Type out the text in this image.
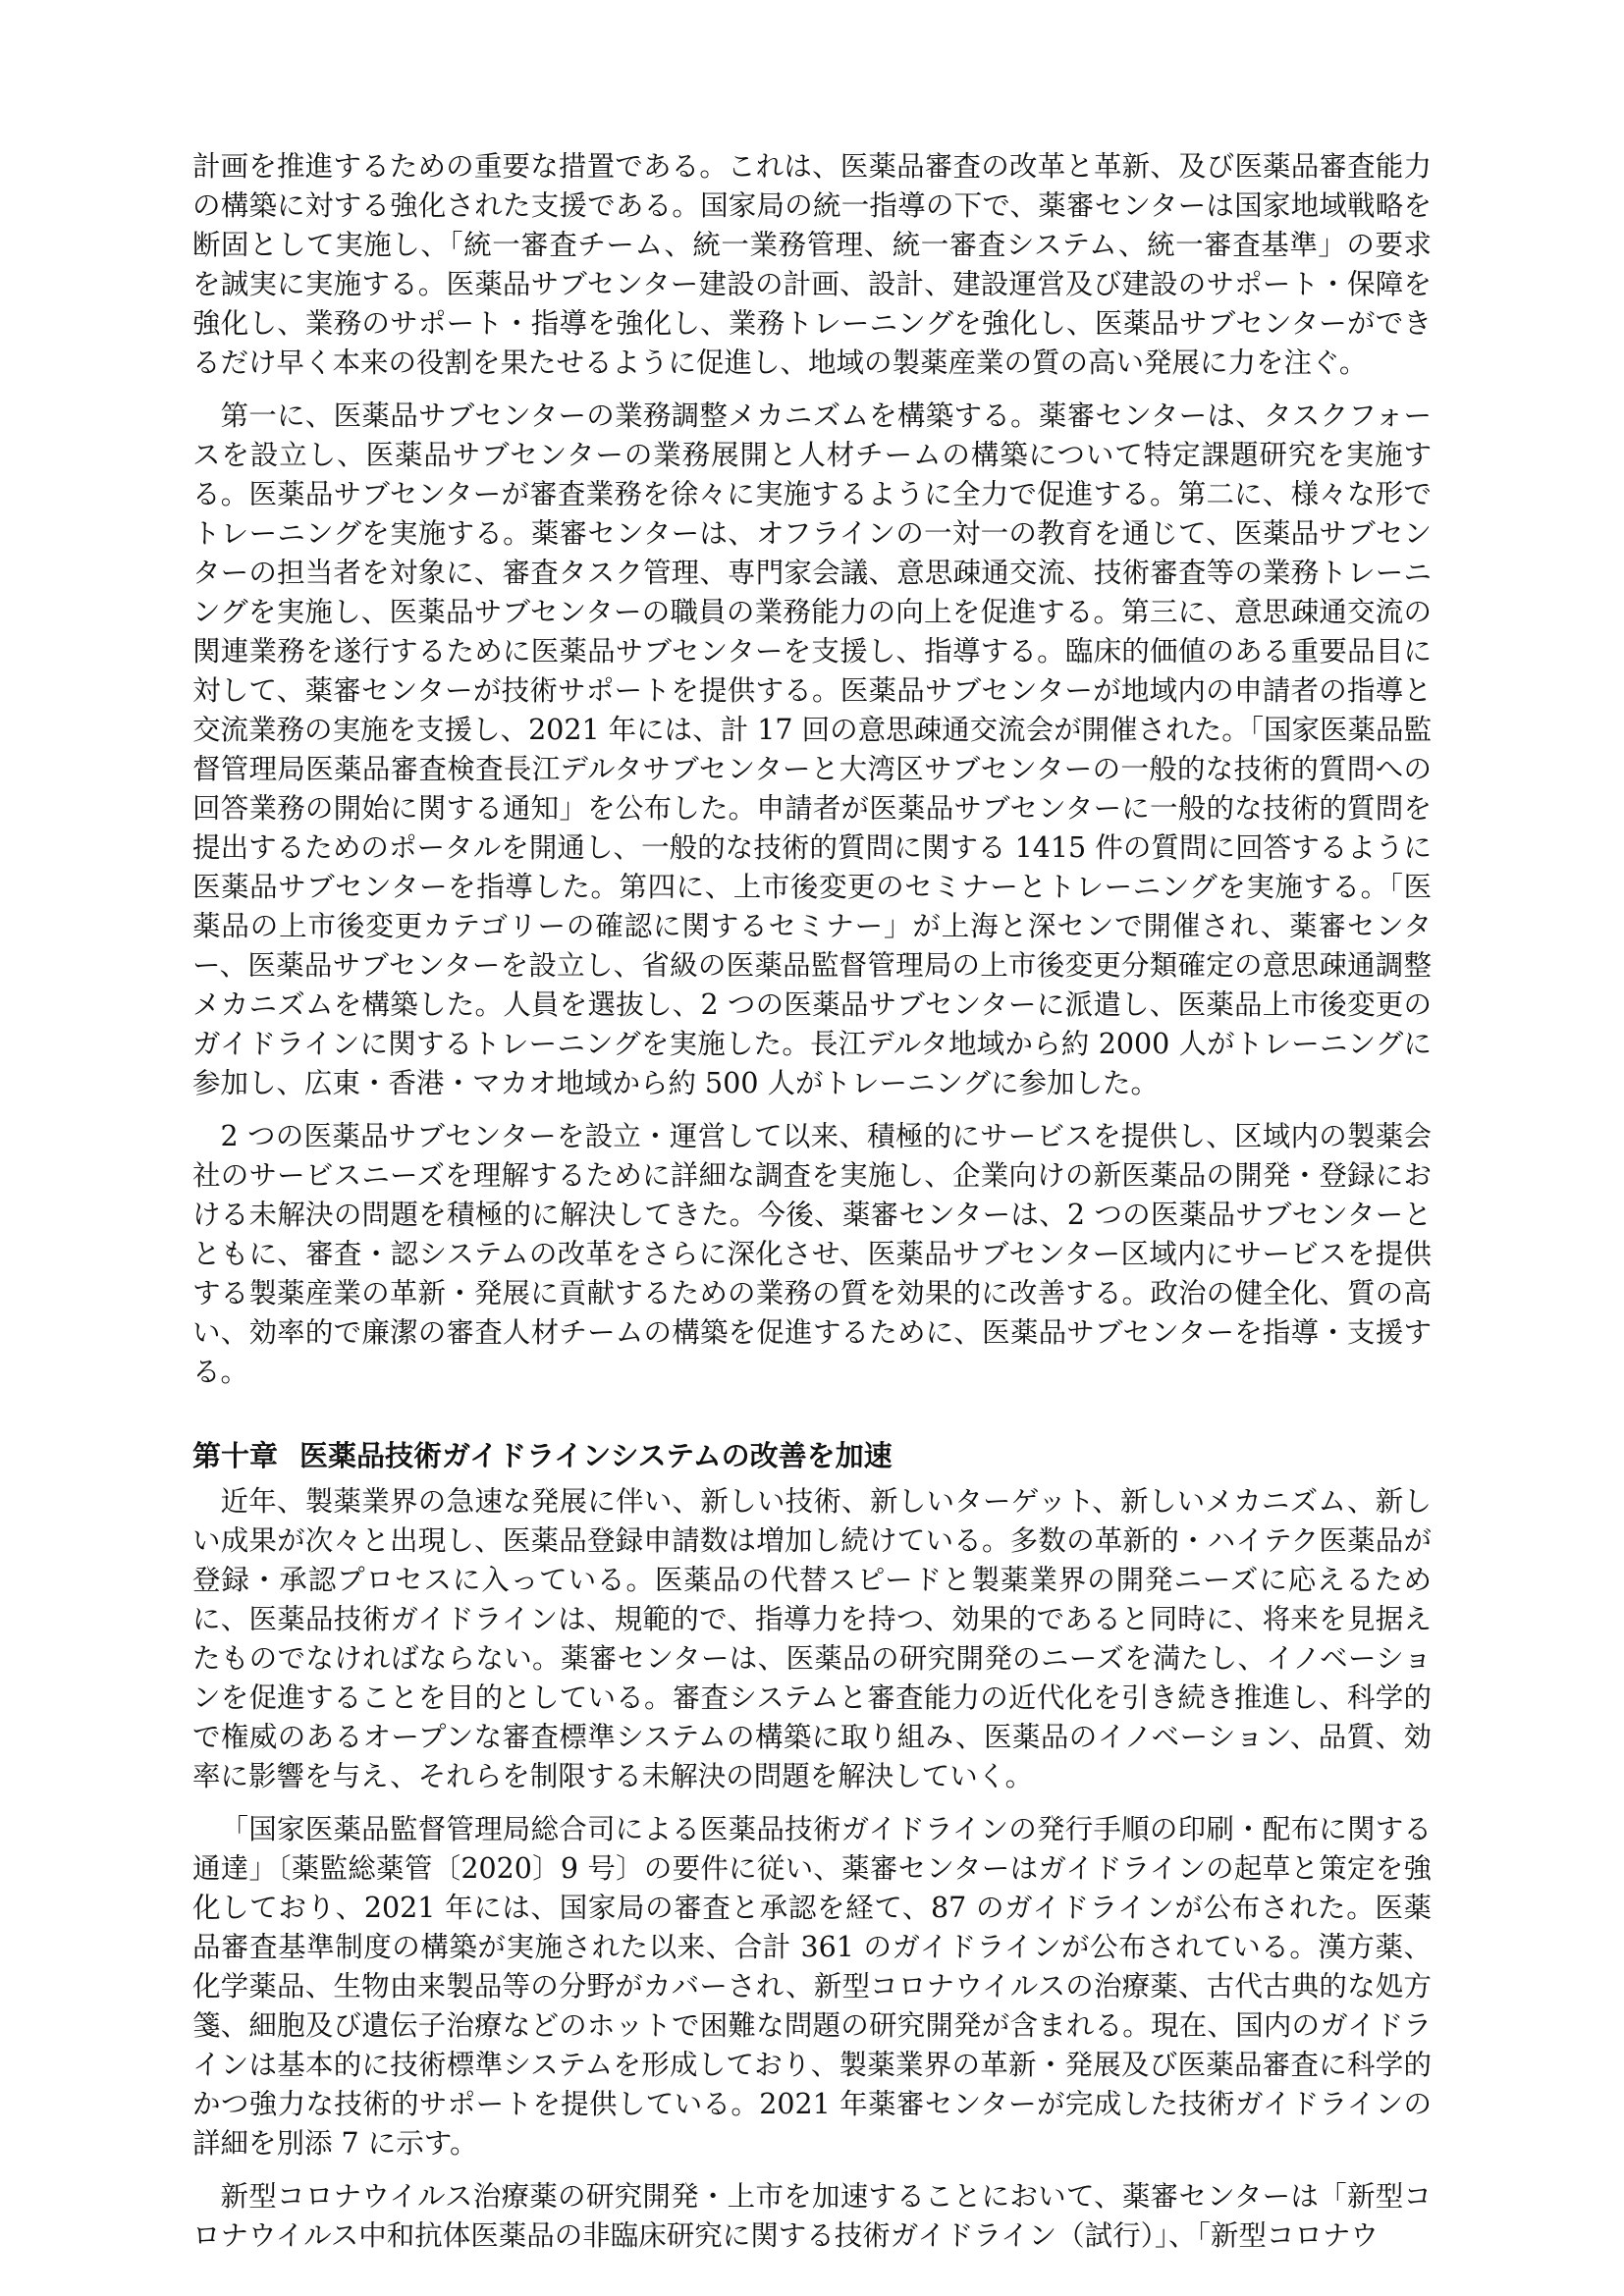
計画を推進するための重要な措置である。これは、医薬品審査の改革と革新、及び医薬品審査能力の構築に対する強化された支援である。国家局の統一指導の下で、薬審センターは国家地域戦略を断固として実施し、「統一審査チーム、統一業務管理、統一審査システム、統一審査基準」の要求を誠実に実施する。医薬品サブセンター建設の計画、設計、建設運営及び建設のサポート・保障を強化し、業務のサポート・指導を強化し、業務トレーニングを強化し、医薬品サブセンターができるだけ早く本来の役割を果たせるように促進し、地域の製薬産業の質の高い発展に力を注ぐ。

第一に、医薬品サブセンターの業務調整メカニズムを構築する。薬審センターは、タスクフォースを設立し、医薬品サブセンターの業務展開と人材チームの構築について特定課題研究を実施する。医薬品サブセンターが審査業務を徐々に実施するように全力で促進する。第二に、様々な形でトレーニングを実施する。薬審センターは、オフラインの一対一の教育を通じて、医薬品サブセンターの担当者を対象に、審査タスク管理、専門家会議、意思疎通交流、技術審査等の業務トレーニングを実施し、医薬品サブセンターの職員の業務能力の向上を促進する。第三に、意思疎通交流の関連業務を遂行するために医薬品サブセンターを支援し、指導する。臨床的価値のある重要品目に対して、薬審センターが技術サポートを提供する。医薬品サブセンターが地域内の申請者の指導と交流業務の実施を支援し、2021 年には、計 17 回の意思疎通交流会が開催された。「国家医薬品監督管理局医薬品審査検査長江デルタサブセンターと大湾区サブセンターの一般的な技術的質問への回答業務の開始に関する通知」を公布した。申請者が医薬品サブセンターに一般的な技術的質問を提出するためのポータルを開通し、一般的な技術的質問に関する 1415 件の質問に回答するように医薬品サブセンターを指導した。第四に、上市後変更のセミナーとトレーニングを実施する。「医薬品の上市後変更カテゴリーの確認に関するセミナー」が上海と深センで開催され、薬審センター、医薬品サブセンターを設立し、省級の医薬品監督管理局の上市後変更分類確定の意思疎通調整メカニズムを構築した。人員を選抜し、2 つの医薬品サブセンターに派遣し、医薬品上市後変更のガイドラインに関するトレーニングを実施した。長江デルタ地域から約 2000 人がトレーニングに参加し、広東・香港・マカオ地域から約 500 人がトレーニングに参加した。

2 つの医薬品サブセンターを設立・運営して以来、積極的にサービスを提供し、区域内の製薬会社のサービスニーズを理解するために詳細な調査を実施し、企業向けの新医薬品の開発・登録における未解決の問題を積極的に解決してきた。今後、薬審センターは、2 つの医薬品サブセンターとともに、審査・認システムの改革をさらに深化させ、医薬品サブセンター区域内にサービスを提供する製薬産業の革新・発展に貢献するための業務の質を効果的に改善する。政治の健全化、質の高い、効率的で廉潔の審査人材チームの構築を促進するために、医薬品サブセンターを指導・支援する。

第十章 医薬品技術ガイドラインシステムの改善を加速

近年、製薬業界の急速な発展に伴い、新しい技術、新しいターゲット、新しいメカニズム、新しい成果が次々と出現し、医薬品登録申請数は増加し続けている。多数の革新的・ハイテク医薬品が登録・承認プロセスに入っている。医薬品の代替スピードと製薬業界の開発ニーズに応えるために、医薬品技術ガイドラインは、規範的で、指導力を持つ、効果的であると同時に、将来を見据えたものでなければならない。薬審センターは、医薬品の研究開発のニーズを満たし、イノベーションを促進することを目的としている。審査システムと審査能力の近代化を引き続き推進し、科学的で権威のあるオープンな審査標準システムの構築に取り組み、医薬品のイノベーション、品質、効率に影響を与え、それらを制限する未解決の問題を解決していく。

「国家医薬品監督管理局総合司による医薬品技術ガイドラインの発行手順の印刷・配布に関する通達」〔薬監総薬管〔2020〕9 号〕の要件に従い、薬審センターはガイドラインの起草と策定を強化しており、2021 年には、国家局の審査と承認を経て、87 のガイドラインが公布された。医薬品審査基準制度の構築が実施された以来、合計 361 のガイドラインが公布されている。漢方薬、化学薬品、生物由来製品等の分野がカバーされ、新型コロナウイルスの治療薬、古代古典的な処方箋、細胞及び遺伝子治療などのホットで困難な問題の研究開発が含まれる。現在、国内のガイドラインは基本的に技術標準システムを形成しており、製薬業界の革新・発展及び医薬品審査に科学的かつ強力な技術的サポートを提供している。2021 年薬審センターが完成した技術ガイドラインの詳細を別添 7 に示す。

新型コロナウイルス治療薬の研究開発・上市を加速することにおいて、薬審センターは「新型コロナウイルス中和抗体医薬品の非臨床研究に関する技術ガイドライン（試行）」、「新型コロナウ
